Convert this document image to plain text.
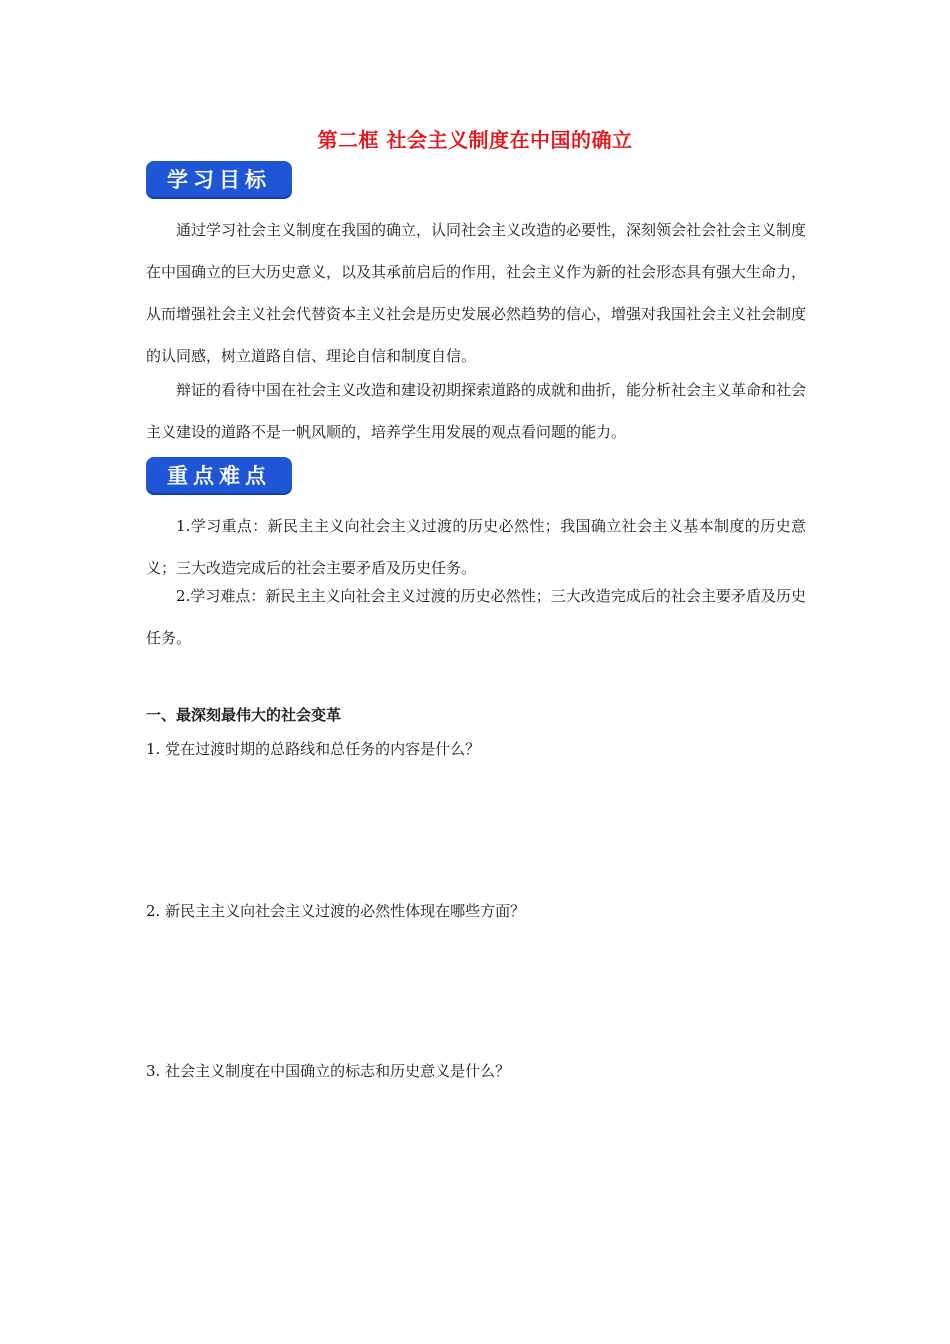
第二框 社会主义制度在中国的确立
学习目标

通过学习社会主义制度在我国的确立，认同社会主义改造的必要性，深刻领会社会社会主义制度在中国确立的巨大历史意义，以及其承前启后的作用，社会主义作为新的社会形态具有强大生命力，从而增强社会主义社会代替资本主义社会是历史发展必然趋势的信心，增强对我国社会主义社会制度的认同感，树立道路自信、理论自信和制度自信。

辩证的看待中国在社会主义改造和建设初期探索道路的成就和曲折，能分析社会主义革命和社会主义建设的道路不是一帆风顺的，培养学生用发展的观点看问题的能力。

重点难点

1.学习重点：新民主主义向社会主义过渡的历史必然性；我国确立社会主义基本制度的历史意义；三大改造完成后的社会主要矛盾及历史任务。

2.学习难点：新民主主义向社会主义过渡的历史必然性；三大改造完成后的社会主要矛盾及历史任务。

一、最深刻最伟大的社会变革
1. 党在过渡时期的总路线和总任务的内容是什么？
2. 新民主主义向社会主义过渡的必然性体现在哪些方面？
3. 社会主义制度在中国确立的标志和历史意义是什么？
